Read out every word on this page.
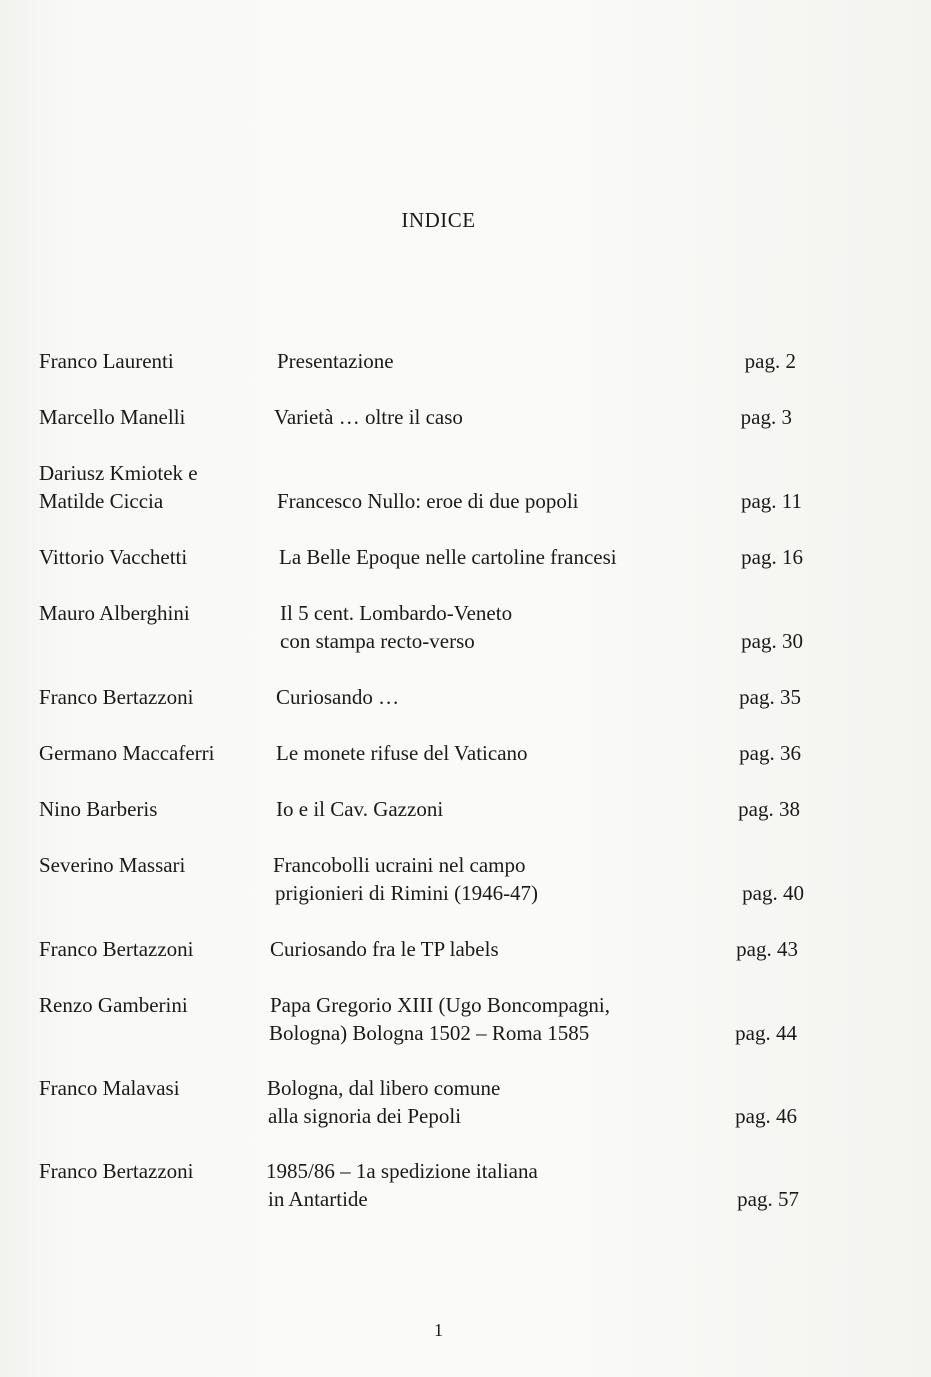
INDICE
Franco Laurenti	Presentazione	pag. 2
Marcello Manelli	Varietà … oltre il caso	pag. 3
Dariusz Kmiotek e
Matilde Ciccia	Francesco Nullo: eroe di due popoli	pag. 11
Vittorio Vacchetti	La Belle Epoque nelle cartoline francesi	pag. 16
Mauro Alberghini	Il 5 cent. Lombardo-Veneto
con stampa recto-verso	pag. 30
Franco Bertazzoni	Curiosando …	pag. 35
Germano Maccaferri	Le monete rifuse del Vaticano	pag. 36
Nino Barberis	Io e il Cav. Gazzoni	pag. 38
Severino Massari	Francobolli ucraini nel campo
prigionieri di Rimini (1946-47)	pag. 40
Franco Bertazzoni	Curiosando fra le TP labels	pag. 43
Renzo Gamberini	Papa Gregorio XIII (Ugo Boncompagni,
Bologna) Bologna 1502 – Roma 1585	pag. 44
Franco Malavasi	Bologna, dal libero comune
alla signoria dei Pepoli	pag. 46
Franco Bertazzoni	1985/86 – 1a spedizione italiana
in Antartide	pag. 57
1
